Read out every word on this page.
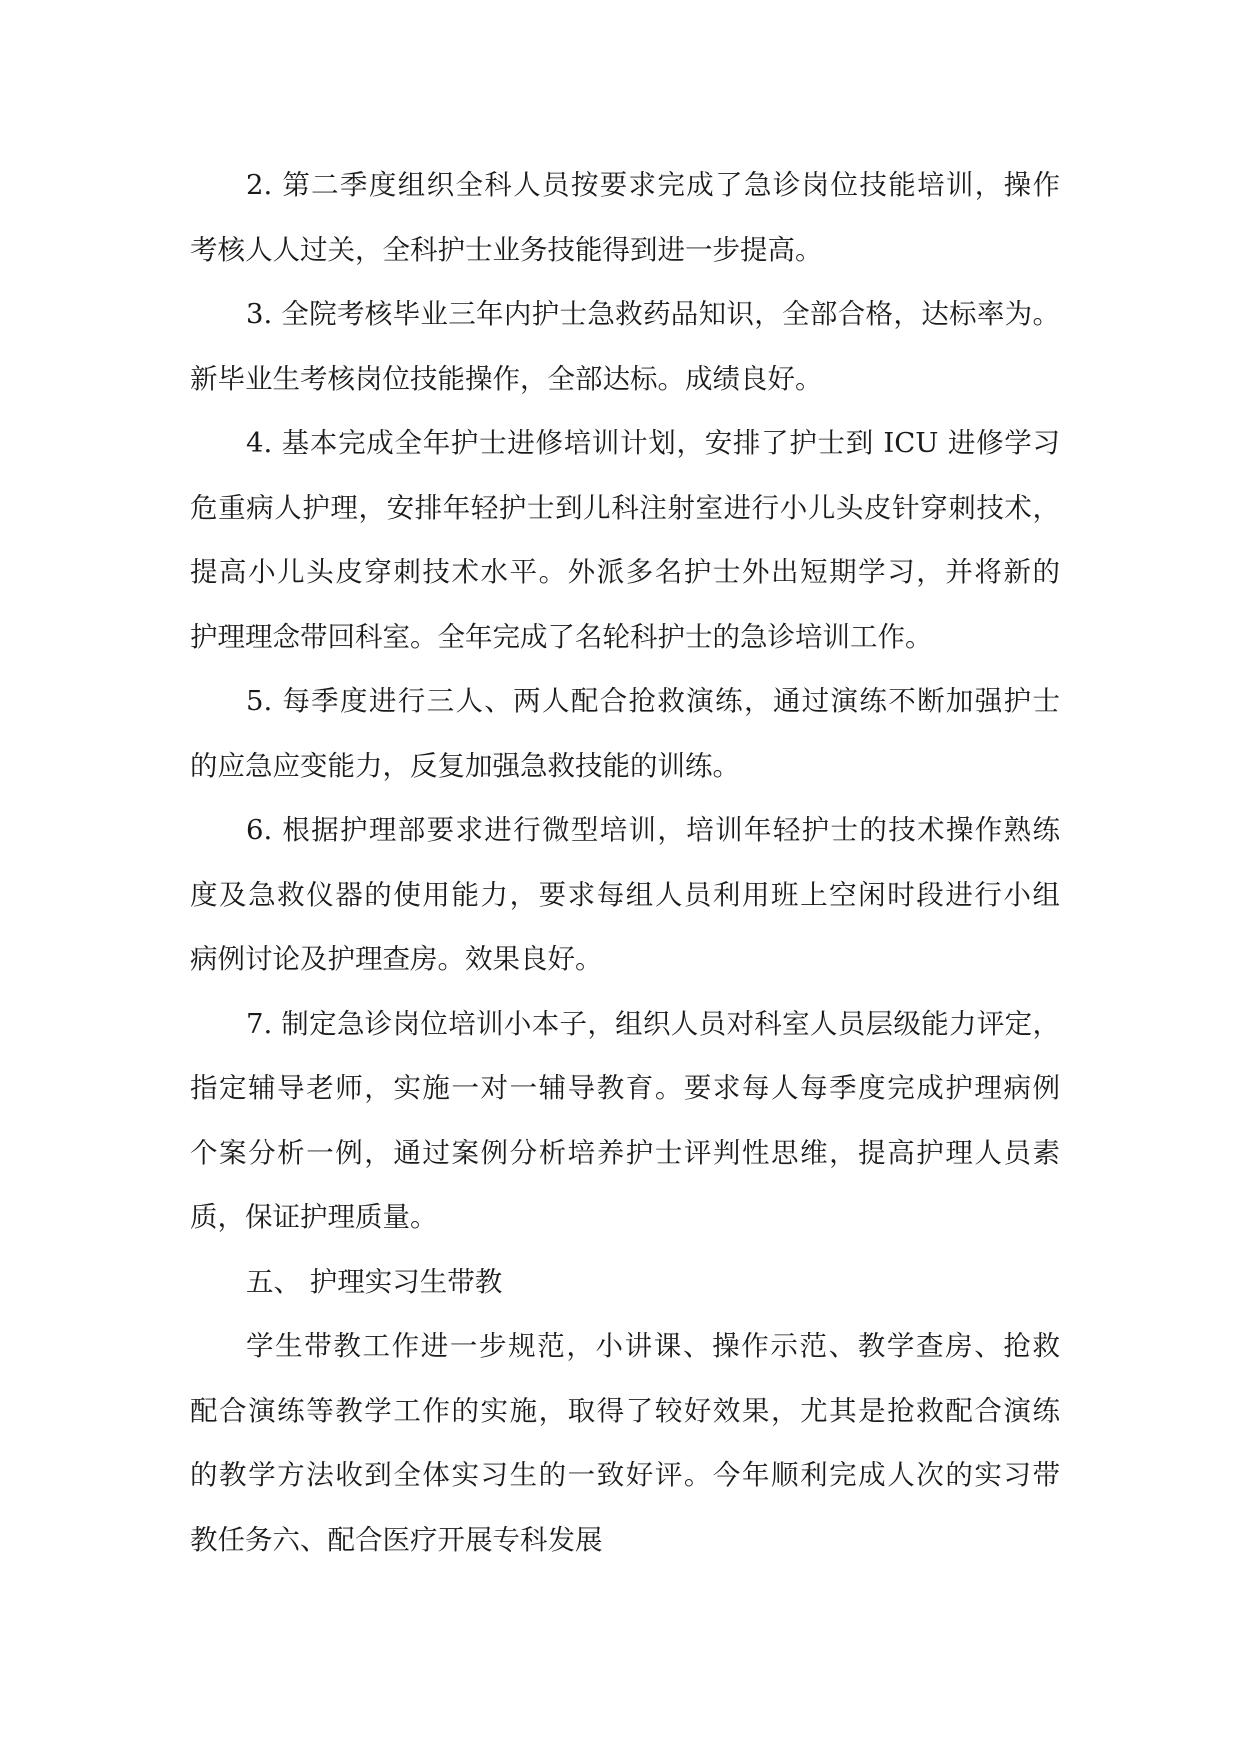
2. 第二季度组织全科人员按要求完成了急诊岗位技能培训，操作
考核人人过关，全科护士业务技能得到进一步提高。
3. 全院考核毕业三年内护士急救药品知识，全部合格，达标率为。
新毕业生考核岗位技能操作，全部达标。成绩良好。
4. 基本完成全年护士进修培训计划，安排了护士到 ICU 进修学习
危重病人护理，安排年轻护士到儿科注射室进行小儿头皮针穿刺技术，
提高小儿头皮穿刺技术水平。外派多名护士外出短期学习，并将新的
护理理念带回科室。全年完成了名轮科护士的急诊培训工作。
5. 每季度进行三人、两人配合抢救演练，通过演练不断加强护士
的应急应变能力，反复加强急救技能的训练。
6. 根据护理部要求进行微型培训，培训年轻护士的技术操作熟练
度及急救仪器的使用能力，要求每组人员利用班上空闲时段进行小组
病例讨论及护理查房。效果良好。
7. 制定急诊岗位培训小本子，组织人员对科室人员层级能力评定，
指定辅导老师，实施一对一辅导教育。要求每人每季度完成护理病例
个案分析一例，通过案例分析培养护士评判性思维，提高护理人员素
质，保证护理质量。
五、 护理实习生带教
学生带教工作进一步规范，小讲课、操作示范、教学查房、抢救
配合演练等教学工作的实施，取得了较好效果，尤其是抢救配合演练
的教学方法收到全体实习生的一致好评。今年顺利完成人次的实习带
教任务六、配合医疗开展专科发展
